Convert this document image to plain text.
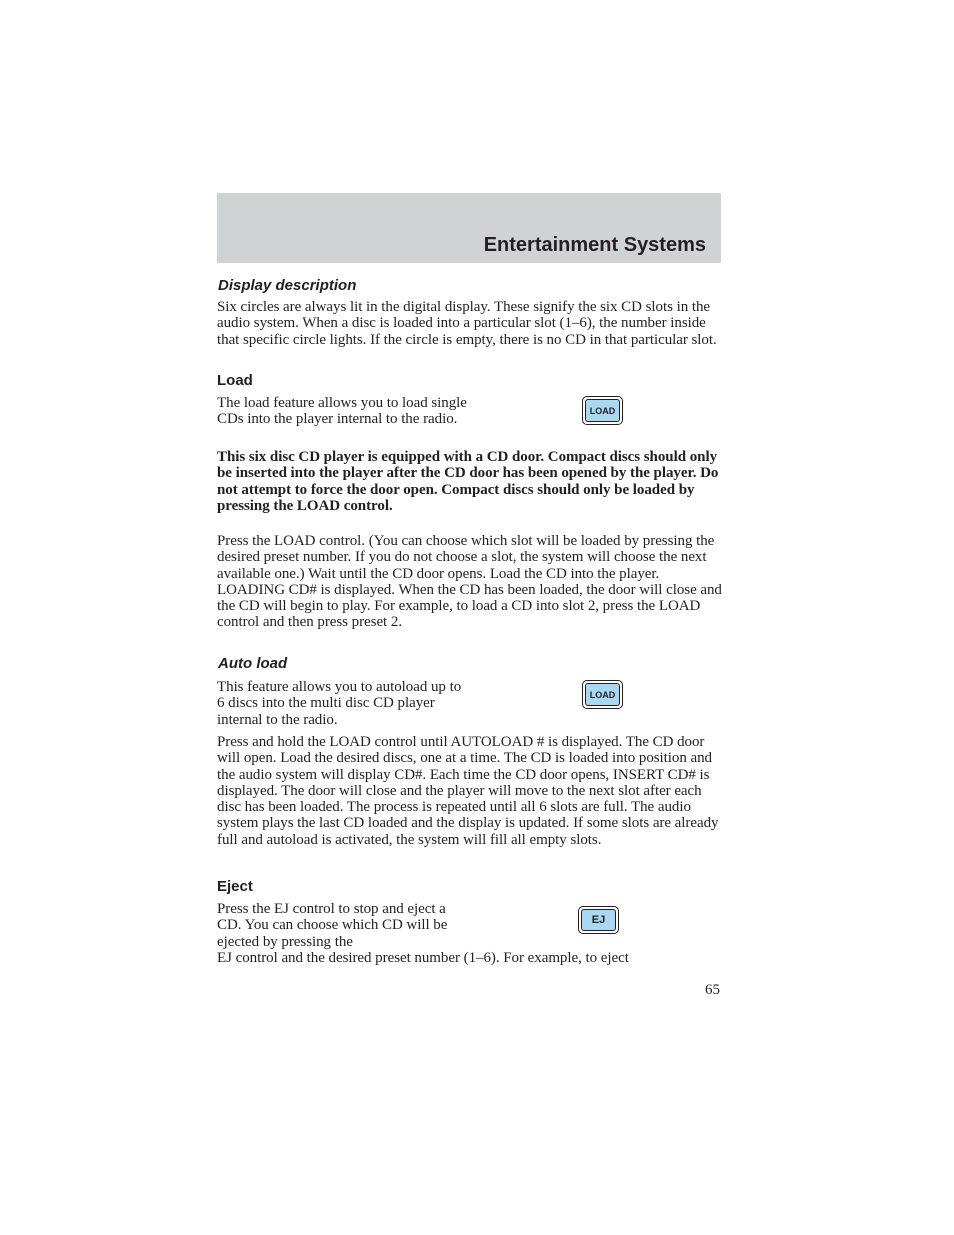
Entertainment Systems
Display description

Six circles are always lit in the digital display. These signify the six CD slots in the audio system. When a disc is loaded into a particular slot (1–6), the number inside that specific circle lights. If the circle is empty, there is no CD in that particular slot.

Load

The load feature allows you to load single CDs into the player internal to the radio.

LOAD

This six disc CD player is equipped with a CD door. Compact discs should only be inserted into the player after the CD door has been opened by the player. Do not attempt to force the door open. Compact discs should only be loaded by pressing the LOAD control.

Press the LOAD control. (You can choose which slot will be loaded by pressing the desired preset number. If you do not choose a slot, the system will choose the next available one.) Wait until the CD door opens. Load the CD into the player. LOADING CD# is displayed. When the CD has been loaded, the door will close and the CD will begin to play. For example, to load a CD into slot 2, press the LOAD control and then press preset 2.

Auto load

This feature allows you to autoload up to 6 discs into the multi disc CD player internal to the radio.

LOAD

Press and hold the LOAD control until AUTOLOAD # is displayed. The CD door will open. Load the desired discs, one at a time. The CD is loaded into position and the audio system will display CD#. Each time the CD door opens, INSERT CD# is displayed. The door will close and the player will move to the next slot after each disc has been loaded. The process is repeated until all 6 slots are full. The audio system plays the last CD loaded and the display is updated. If some slots are already full and autoload is activated, the system will fill all empty slots.

Eject

Press the EJ control to stop and eject a CD. You can choose which CD will be ejected by pressing the

EJ

EJ control and the desired preset number (1–6). For example, to eject

65
